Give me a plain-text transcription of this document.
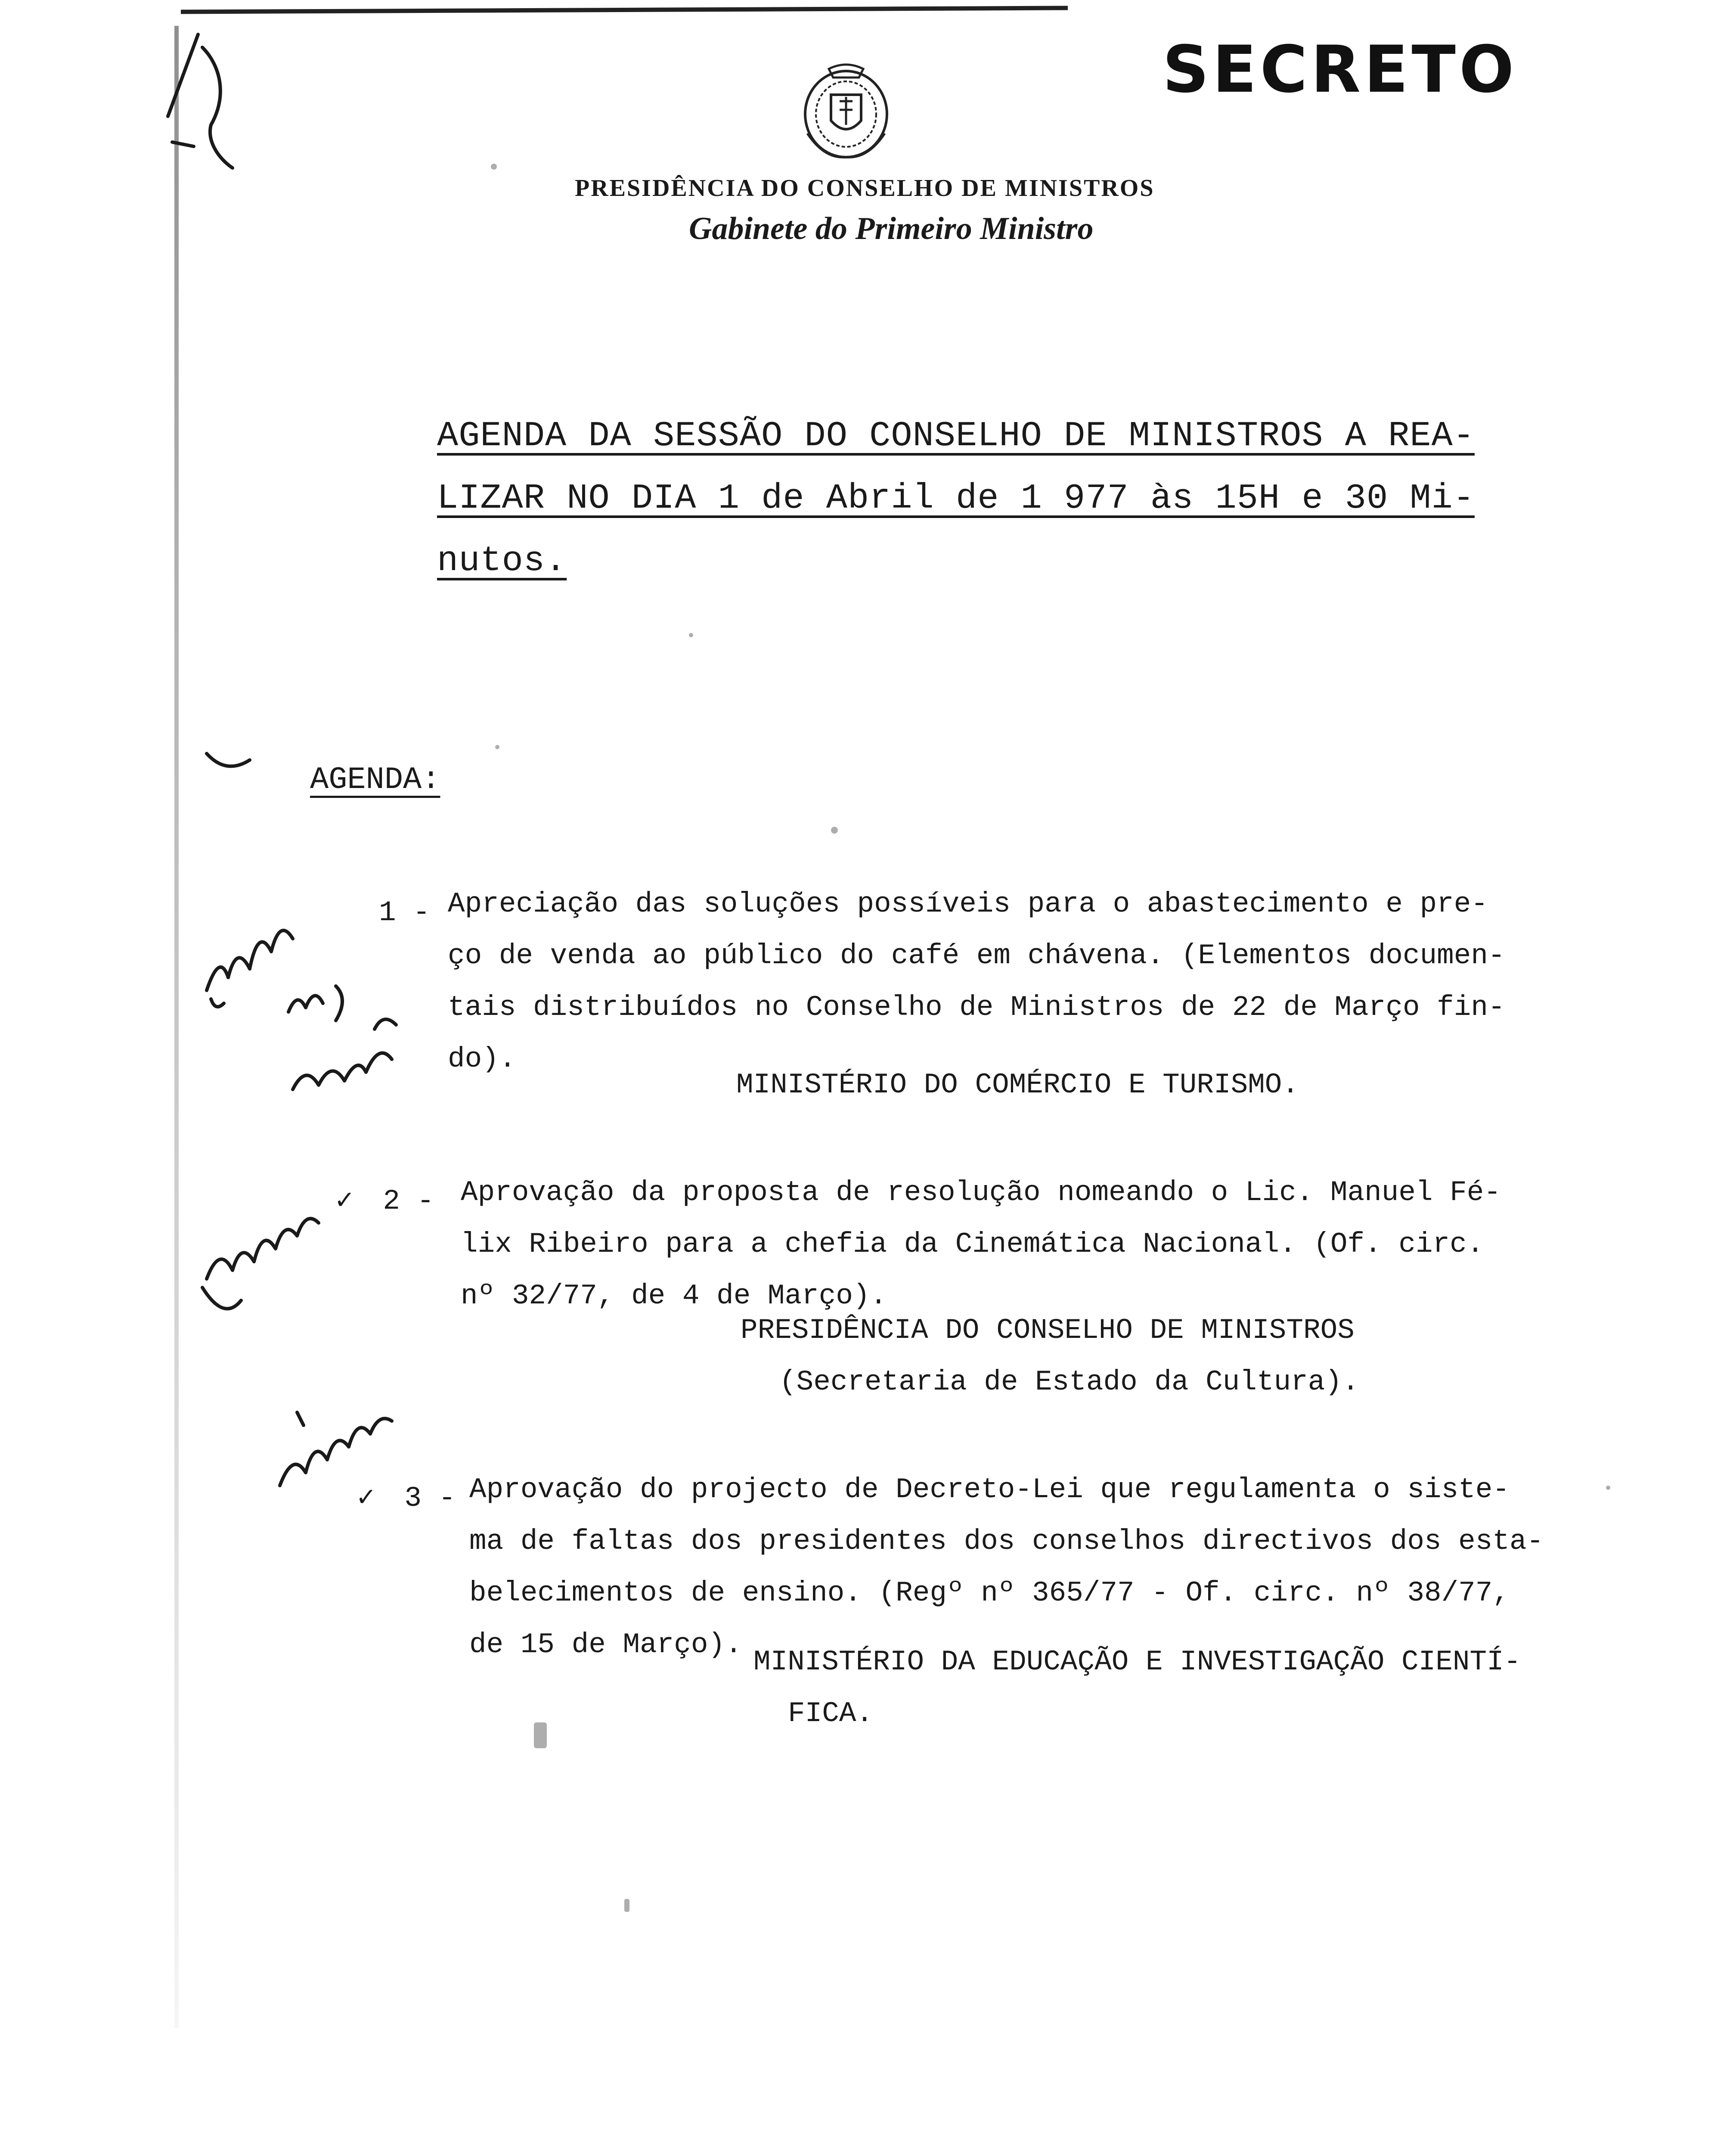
SECRETO
PRESIDÊNCIA DO CONSELHO DE MINISTROS
Gabinete do Primeiro Ministro
AGENDA DA SESSÃO DO CONSELHO DE MINISTROS A REA-
LIZAR NO DIA 1 de Abril de 1 977 às 15H e 30 Mi-
nutos.
AGENDA:
Apreciação das soluções possíveis para o abastecimento e pre-
ço de venda ao público do café em chávena. (Elementos documen-
tais distribuídos no Conselho de Ministros de 22 de Março fin-
do).
1 -
MINISTÉRIO DO COMÉRCIO E TURISMO.
✓ 2 - Aprovação da proposta de resolução nomeando o Lic. Manuel Fé-
lix Ribeiro para a chefia da Cinemática Nacional. (Of. circ.
nº 32/77, de 4 de Março).
PRESIDÊNCIA DO CONSELHO DE MINISTROS
(Secretaria de Estado da Cultura).
✓ 3 - Aprovação do projecto de Decreto-Lei que regulamenta o siste-
ma de faltas dos presidentes dos conselhos directivos dos esta-
belecimentos de ensino. (Regº nº 365/77 - Of. circ. nº 38/77,
de 15 de Março).
MINISTÉRIO DA EDUCAÇÃO E INVESTIGAÇÃO CIENTÍ-
FICA.
